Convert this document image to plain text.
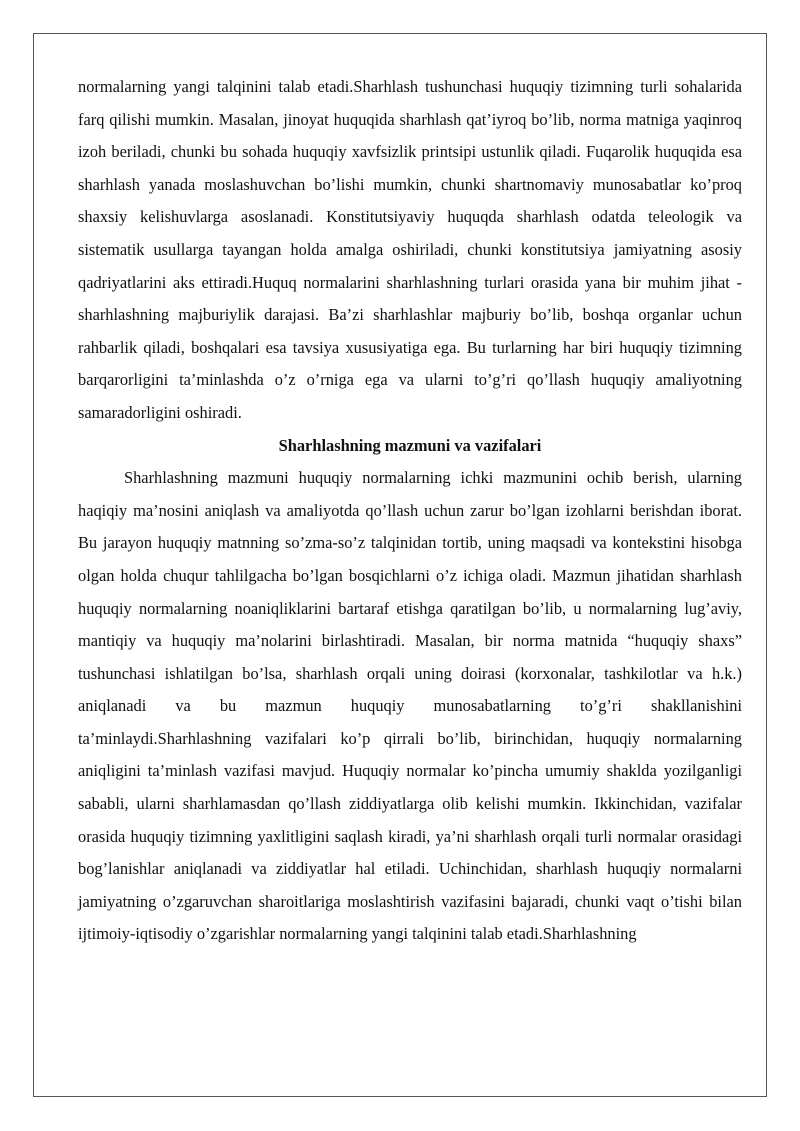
normalarning yangi talqinini talab etadi.Sharhlash tushunchasi huquqiy tizimning turli sohalarida farq qilishi mumkin. Masalan, jinoyat huquqida sharhlash qat’iyroq bo’lib, norma matniga yaqinroq izoh beriladi, chunki bu sohada huquqiy xavfsizlik printsipi ustunlik qiladi. Fuqarolik huquqida esa sharhlash yanada moslashuvchan bo’lishi mumkin, chunki shartnomaviy munosabatlar ko’proq shaxsiy kelishuvlarga asoslanadi. Konstitutsiyaviy huquqda sharhlash odatda teleologik va sistematik usullarga tayangan holda amalga oshiriladi, chunki konstitutsiya jamiyatning asosiy qadriyatlarini aks ettiradi.Huquq normalarini sharhlashning turlari orasida yana bir muhim jihat - sharhlashning majburiylik darajasi. Ba’zi sharhlashlar majburiy bo’lib, boshqa organlar uchun rahbarlik qiladi, boshqalari esa tavsiya xususiyatiga ega. Bu turlarning har biri huquqiy tizimning barqarorligini ta’minlashda o’z o’rniga ega va ularni to’g’ri qo’llash huquqiy amaliyotning samaradorligini oshiradi.

Sharhlashning mazmuni va vazifalari

Sharhlashning mazmuni huquqiy normalarning ichki mazmunini ochib berish, ularning haqiqiy ma’nosini aniqlash va amaliyotda qo’llash uchun zarur bo’lgan izohlarni berishdan iborat. Bu jarayon huquqiy matnning so’zma-so’z talqinidan tortib, uning maqsadi va kontekstini hisobga olgan holda chuqur tahlilgacha bo’lgan bosqichlarni o’z ichiga oladi. Mazmun jihatidan sharhlash huquqiy normalarning noaniqliklarini bartaraf etishga qaratilgan bo’lib, u normalarning lug’aviy, mantiqiy va huquqiy ma’nolarini birlashtiradi. Masalan, bir norma matnida “huquqiy shaxs” tushunchasi ishlatilgan bo’lsa, sharhlash orqali uning doirasi (korxonalar, tashkilotlar va h.k.) aniqlanadi va bu mazmun huquqiy munosabatlarning to’g’ri shakllanishini ta’minlaydi.Sharhlashning vazifalari ko’p qirrali bo’lib, birinchidan, huquqiy normalarning aniqligini ta’minlash vazifasi mavjud. Huquqiy normalar ko’pincha umumiy shaklda yozilganligi sababli, ularni sharhlamasdan qo’llash ziddiyatlarga olib kelishi mumkin. Ikkinchidan, vazifalar orasida huquqiy tizimning yaxlitligini saqlash kiradi, ya’ni sharhlash orqali turli normalar orasidagi bog’lanishlar aniqlanadi va ziddiyatlar hal etiladi. Uchinchidan, sharhlash huquqiy normalarni jamiyatning o’zgaruvchan sharoitlariga moslashtirish vazifasini bajaradi, chunki vaqt o’tishi bilan ijtimoiy-iqtisodiy o’zgarishlar normalarning yangi talqinini talab etadi.Sharhlashning
